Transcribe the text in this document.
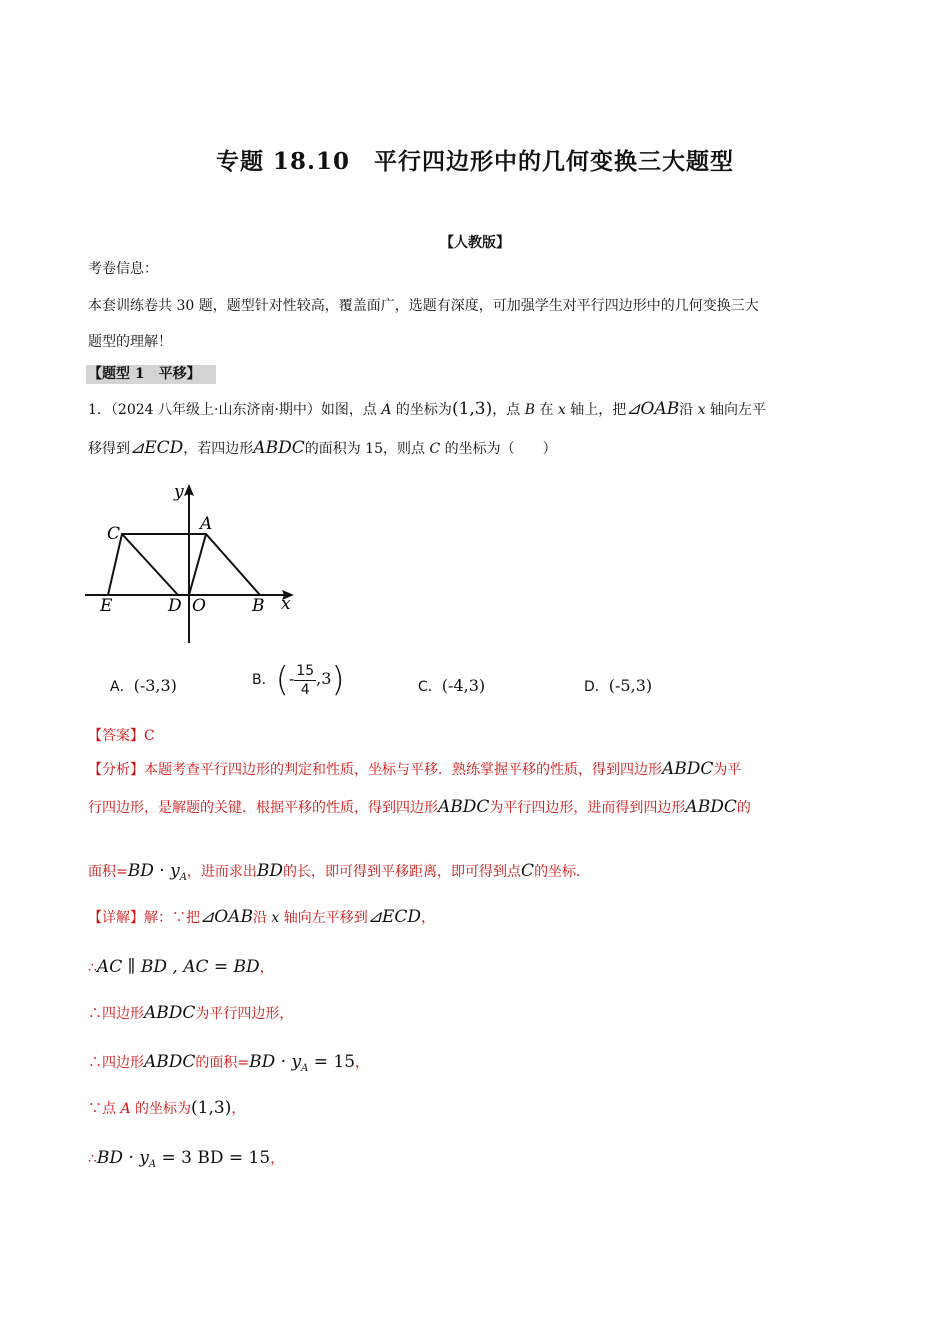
专题 18.10　平行四边形中的几何变换三大题型
【人教版】
考卷信息：
本套训练卷共 30 题，题型针对性较高，覆盖面广，选题有深度，可加强学生对平行四边形中的几何变换三大
题型的理解！
【题型 1　平移】
1．（2024 八年级上·山东济南·期中）如图，点 A 的坐标为(1,3)，点 B 在 x 轴上，把⊿OAB沿 x 轴向左平
移得到⊿ECD，若四边形ABDC的面积为 15，则点 C 的坐标为（　　）
y
x
A
C
E	D O	B
A．(-3,3)	B．(- $\frac{15}{4},3$)	C．(-4,3)	D．(-5,3)
【答案】C
【分析】本题考查平行四边形的判定和性质，坐标与平移．熟练掌握平移的性质，得到四边形ABDC为平
行四边形，是解题的关键．根据平移的性质，得到四边形ABDC为平行四边形，进而得到四边形ABDC的
面积$=BD \cdot y_A$，进而求出BD的长，即可得到平移距离，即可得到点C的坐标．
【详解】解：∵把⊿OAB沿 x 轴向左平移到⊿ECD，
∴AC ∥ BD , AC = BD，
∴四边形ABDC为平行四边形，
∴四边形ABDC的面积$=BD \cdot y_A = 15$，
∵点 A 的坐标为(1,3)，
∴BD · $y_A = 3$ BD = 15，
